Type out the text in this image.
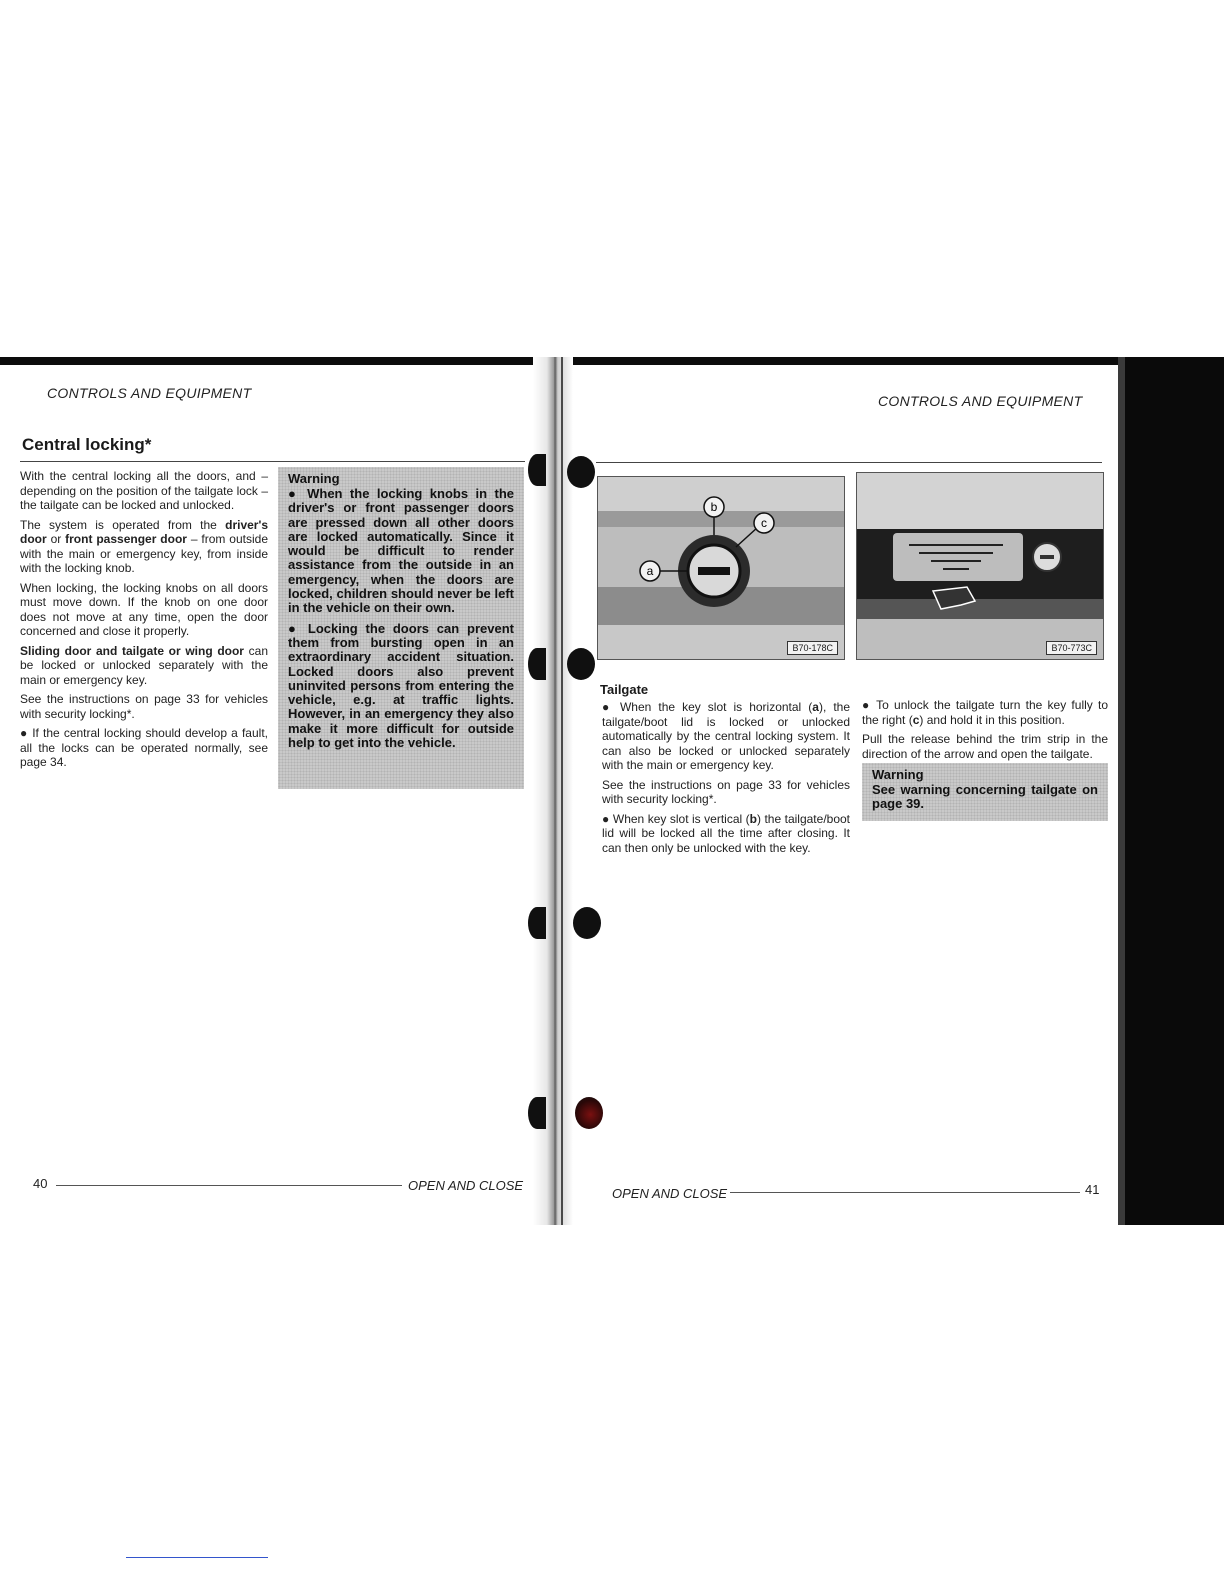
CONTROLS AND EQUIPMENT
Central locking*

With the central locking all the doors, and – depending on the position of the tailgate lock – the tailgate can be locked and unlocked.

The system is operated from the driver's door or front passenger door – from outside with the main or emergency key, from inside with the locking knob.

When locking, the locking knobs on all doors must move down. If the knob on one door does not move at any time, open the door concerned and close it properly.

Sliding door and tailgate or wing door can be locked or unlocked separately with the main or emergency key.

See the instructions on page 33 for vehicles with security locking*.

● If the central locking should develop a fault, all the locks can be operated normally, see page 34.

Warning
● When the locking knobs in the driver's or front passenger doors are pressed down all other doors are locked automatically. Since it would be difficult to render assistance from the outside in an emergency, when the doors are locked, children should never be left in the vehicle on their own.
● Locking the doors can prevent them from bursting open in an extraordinary accident situation. Locked doors also prevent uninvited persons from entering the vehicle, e.g. at traffic lights. However, in an emergency they also make it more difficult for outside help to get into the vehicle.
40	OPEN AND CLOSE
CONTROLS AND EQUIPMENT
b
c
a
B70-178C	B70-773C
Tailgate

● When the key slot is horizontal (a), the tailgate/boot lid is locked or unlocked automatically by the central locking system. It can also be locked or unlocked separately with the main or emergency key.

See the instructions on page 33 for vehicles with security locking*.

● When key slot is vertical (b) the tailgate/boot lid will be locked all the time after closing. It can then only be unlocked with the key.

● To unlock the tailgate turn the key fully to the right (c) and hold it in this position.

Pull the release behind the trim strip in the direction of the arrow and open the tailgate.

Warning
See warning concerning tailgate on page 39.
OPEN AND CLOSE	41
